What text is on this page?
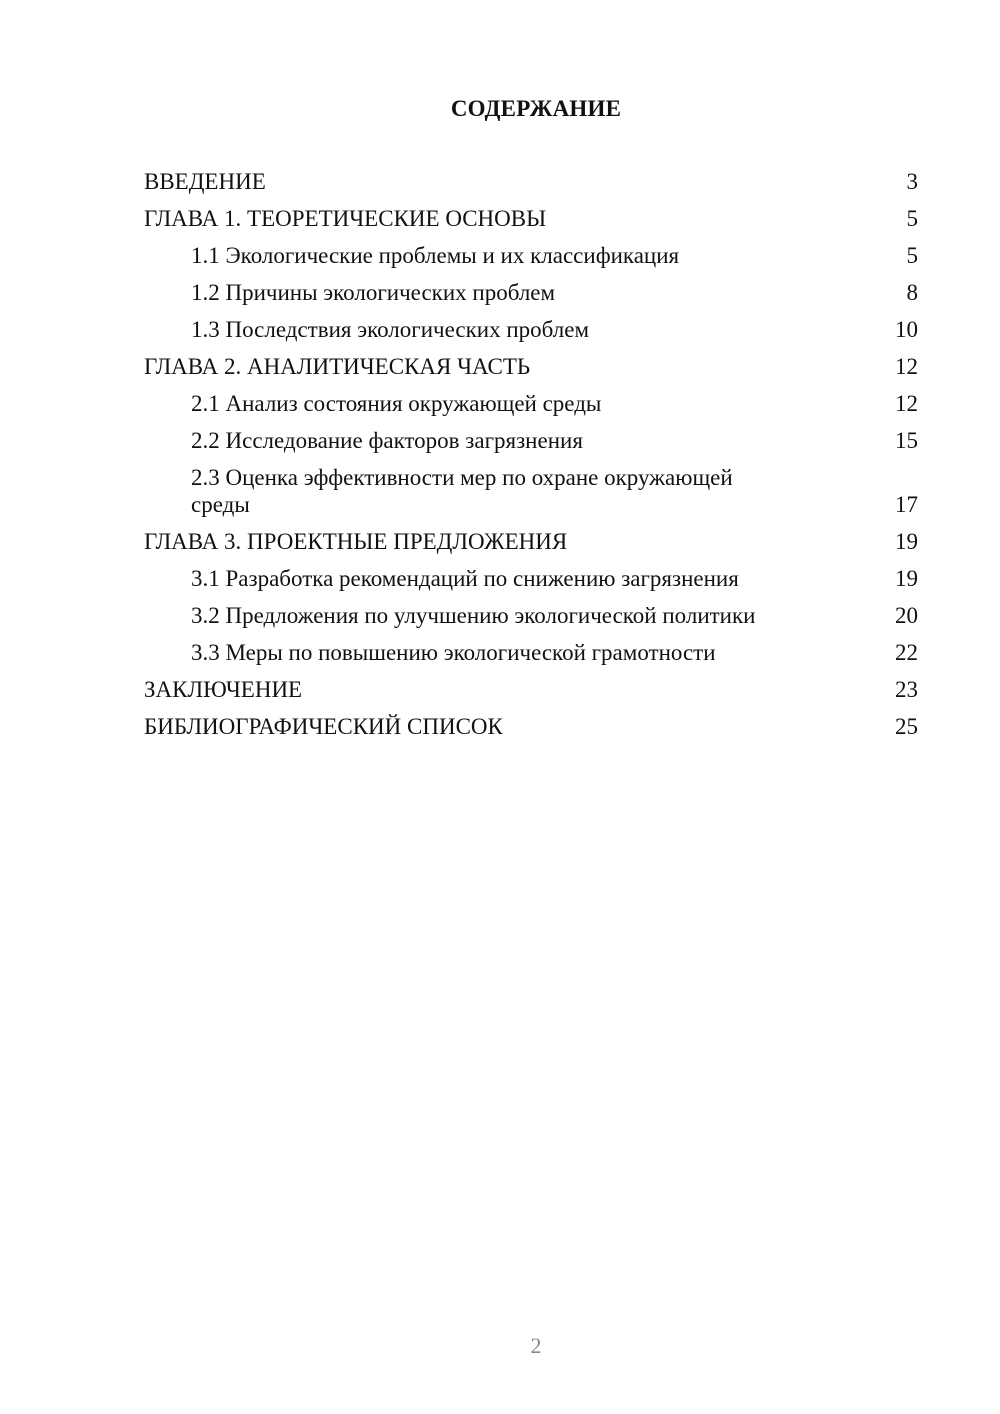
СОДЕРЖАНИЕ
ВВЕДЕНИЕ	3
ГЛАВА 1. ТЕОРЕТИЧЕСКИЕ ОСНОВЫ	5
1.1 Экологические проблемы и их классификация	5
1.2 Причины экологических проблем	8
1.3 Последствия экологических проблем	10
ГЛАВА 2. АНАЛИТИЧЕСКАЯ ЧАСТЬ	12
2.1 Анализ состояния окружающей среды	12
2.2 Исследование факторов загрязнения	15
2.3 Оценка эффективности мер по охране окружающей среды	17
ГЛАВА 3. ПРОЕКТНЫЕ ПРЕДЛОЖЕНИЯ	19
3.1 Разработка рекомендаций по снижению загрязнения	19
3.2 Предложения по улучшению экологической политики	20
3.3 Меры по повышению экологической грамотности	22
ЗАКЛЮЧЕНИЕ	23
БИБЛИОГРАФИЧЕСКИЙ СПИСОК	25
2
